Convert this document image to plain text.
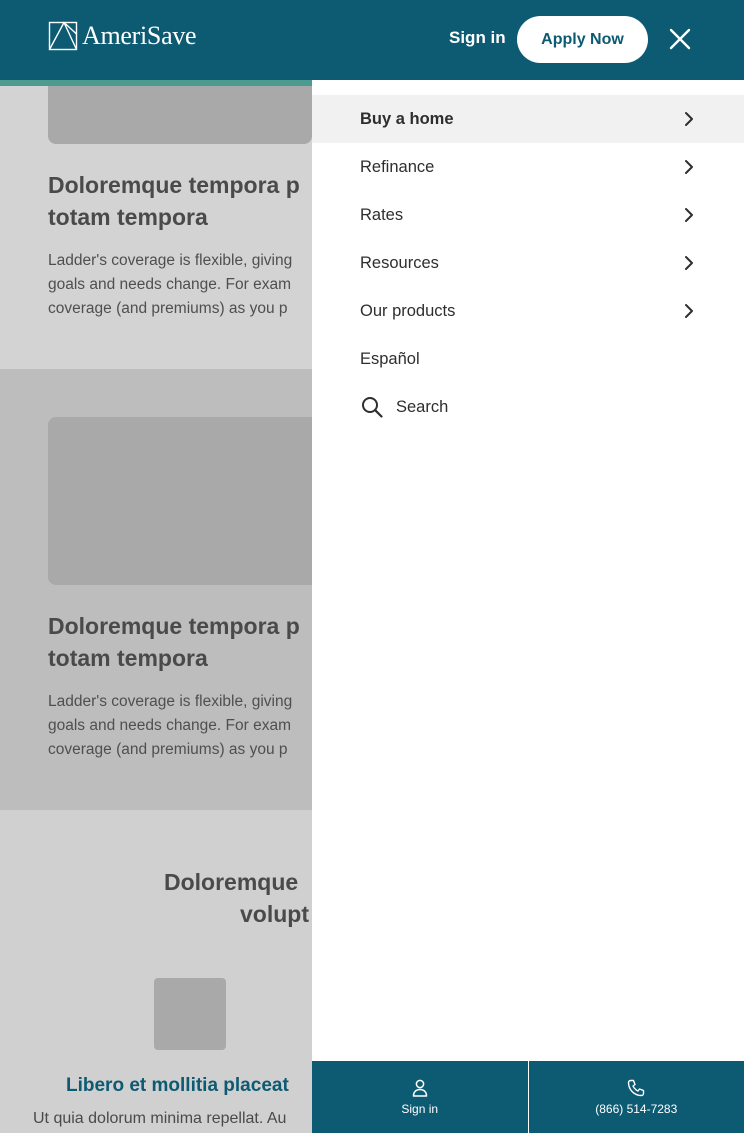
AmeriSave	Sign in	Apply Now
Doloremque tempora p
totam tempora
Ladder's coverage is flexible, giving
goals and needs change. For exam
coverage (and premiums) as you p
Doloremque tempora p
totam tempora
Ladder's coverage is flexible, giving
goals and needs change. For exam
coverage (and premiums) as you p
Doloremque
volupt
Libero et mollitia placeat
Ut quia dolorum minima repellat. Au
Buy a home
Refinance
Rates
Resources
Our products
Español
Search
Sign in	(866) 514-7283
